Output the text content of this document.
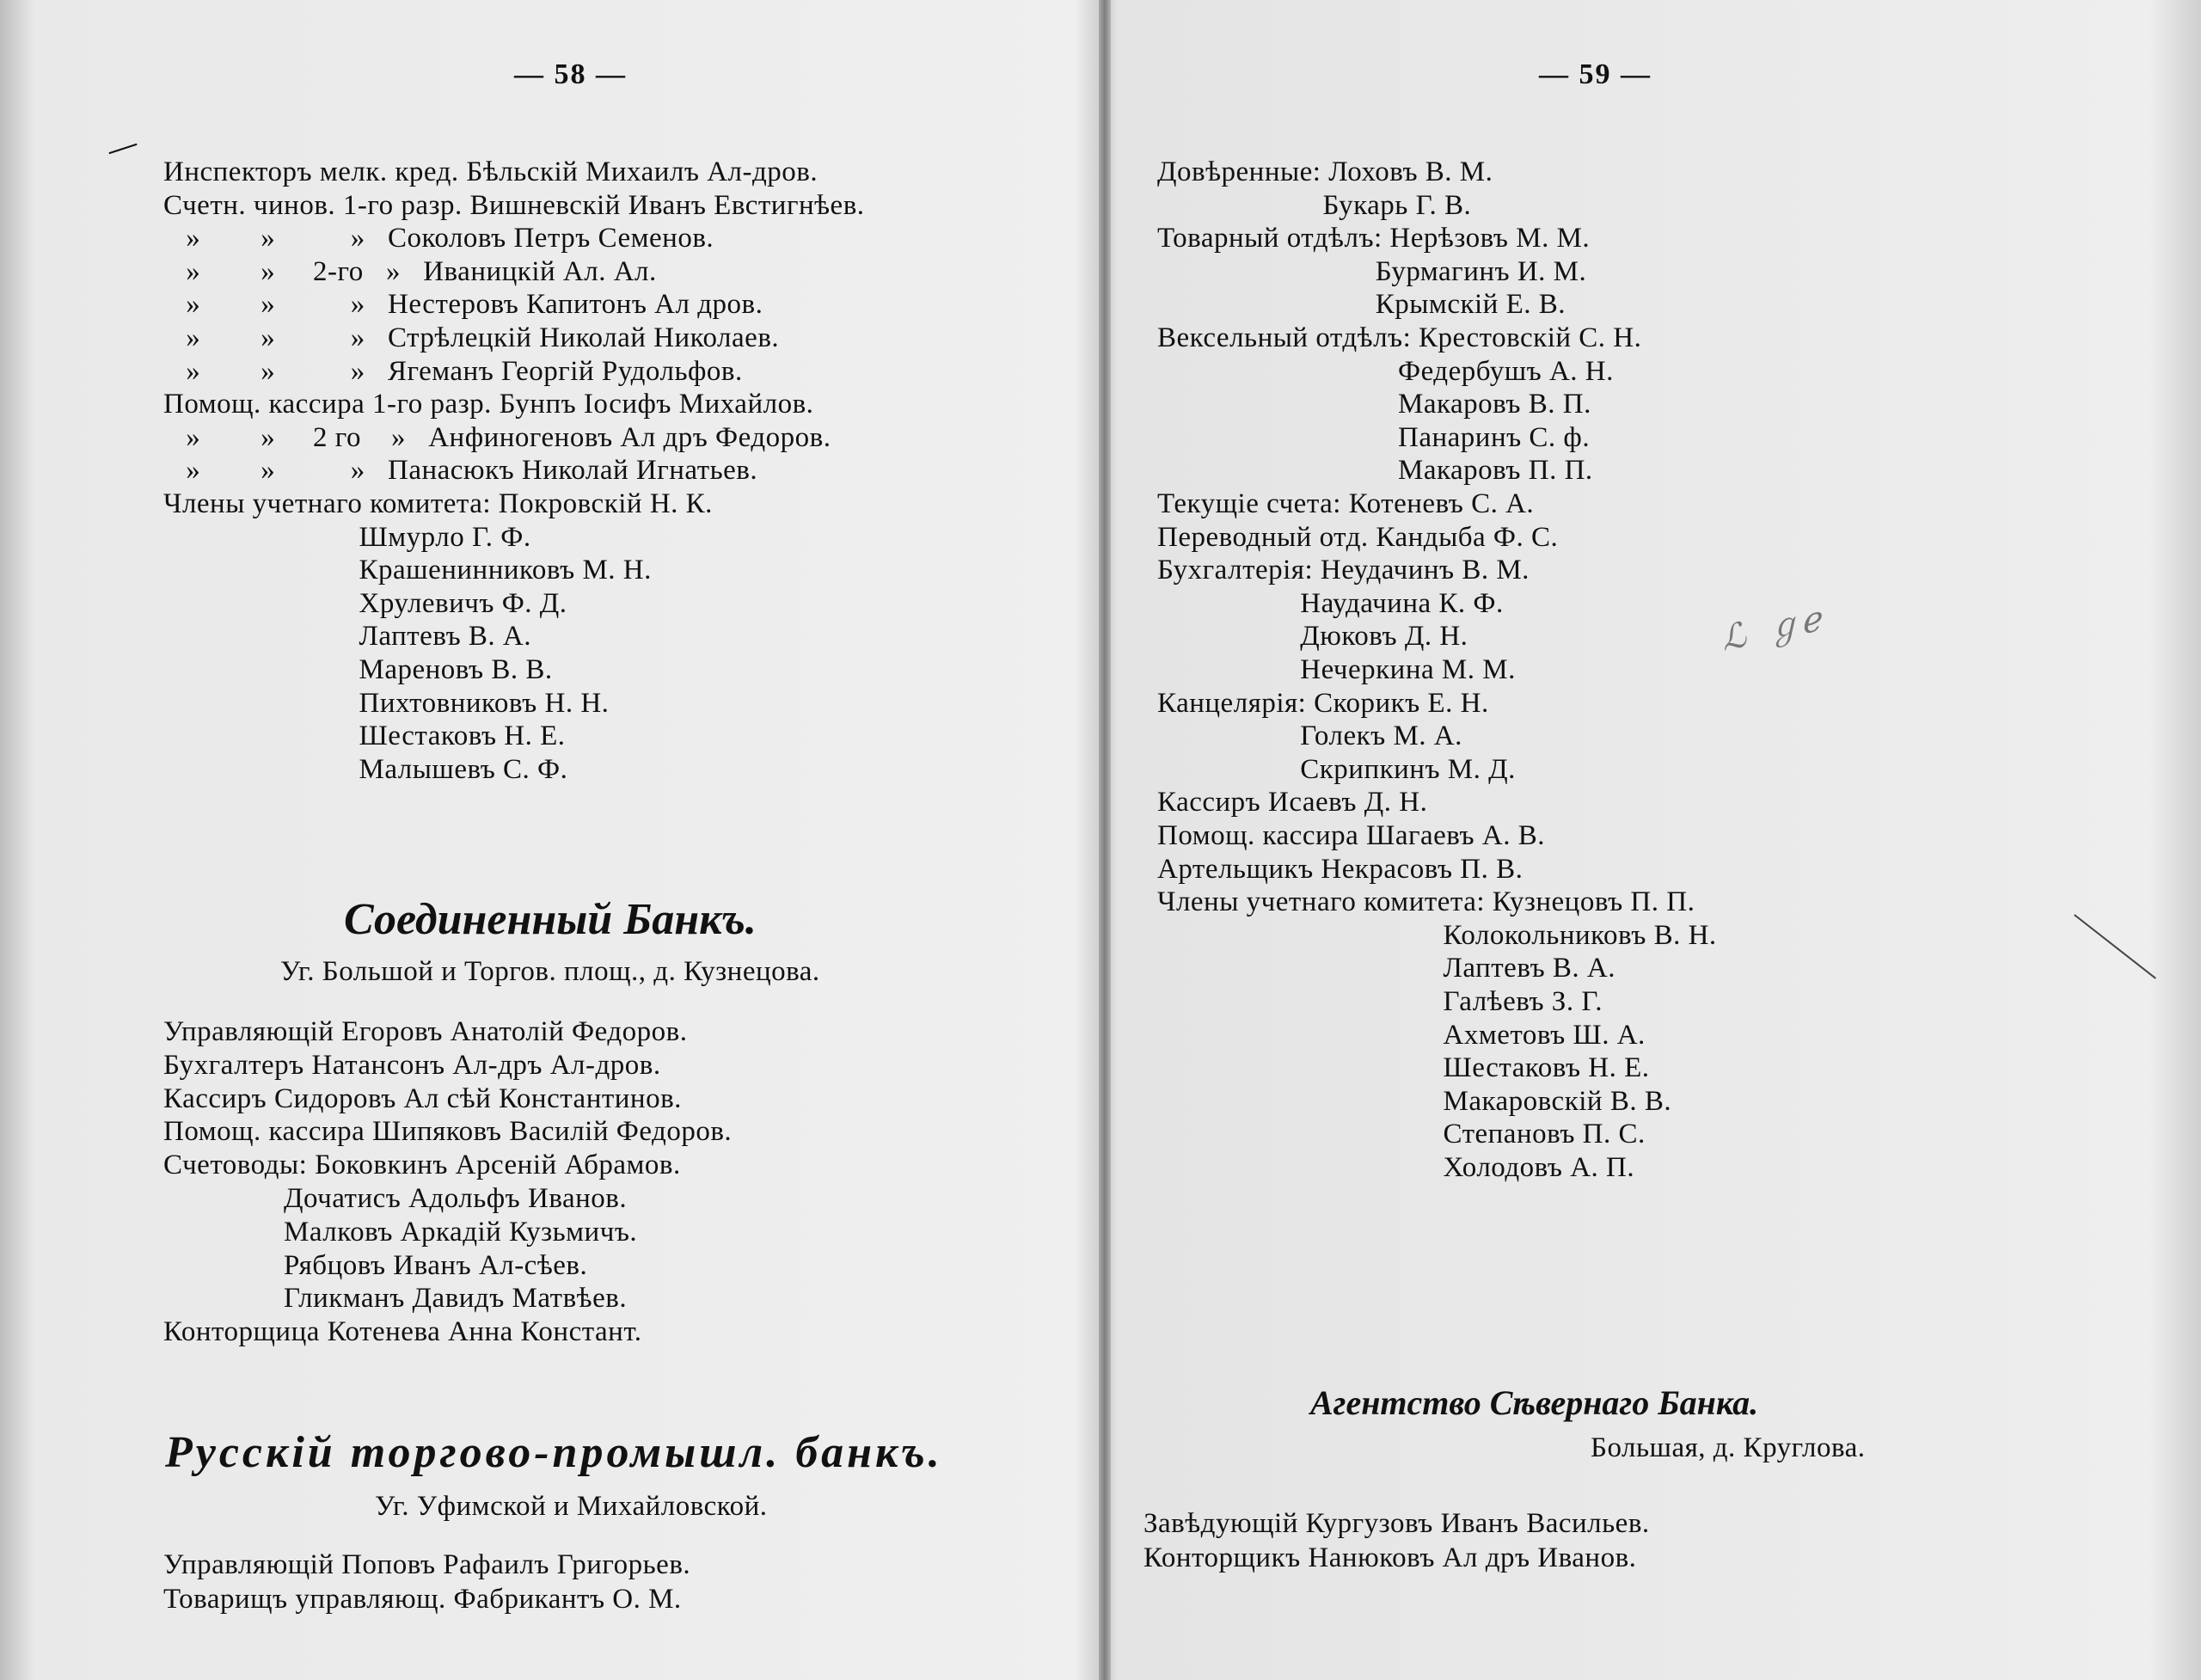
— 58 —
Инспекторъ мелк. кред. Бѣльскій Михаилъ Ал-дров.
Счетн. чинов. 1-го разр. Вишневскій Иванъ Евстигнѣев.
»        »          »   Соколовъ Петръ Семенов.
»        »     2-го   »   Иваницкій Ал. Ал.
»        »          »   Нестеровъ Капитонъ Ал дров.
»        »          »   Стрѣлецкій Николай Николаев.
»        »          »   Ягеманъ Георгій Рудольфов.
Помощ. кассира 1-го разр. Бунпъ Іосифъ Михайлов.
»        »     2 го    »   Анфиногеновъ Ал дръ Федоров.
»        »          »   Панасюкъ Николай Игнатьев.
Члены учетнаго комитета: Покровскій Н. К.
Шмурло Г. Ф.
Крашенинниковъ М. Н.
Хрулевичъ Ф. Д.
Лаптевъ В. А.
Мареновъ В. В.
Пихтовниковъ Н. Н.
Шестаковъ Н. Е.
Малышевъ С. Ф.
Соединенный Банкъ.
Уг. Большой и Торгов. площ., д. Кузнецова.
Управляющій Егоровъ Анатолій Федоров.
Бухгалтеръ Натансонъ Ал-дръ Ал-дров.
Кассиръ Сидоровъ Ал сѣй Константинов.
Помощ. кассира Шипяковъ Василій Федоров.
Счетоводы: Боковкинъ Арсеній Абрамов.
Дочатисъ Адольфъ Иванов.
Малковъ Аркадій Кузьмичъ.
Рябцовъ Иванъ Ал-сѣев.
Гликманъ Давидъ Матвѣев.
Конторщица Котенева Анна Констант.
Русскій торгово-промышл. банкъ.
Уг. Уфимской и Михайловской.
Управляющій Поповъ Рафаилъ Григорьев.
Товарищъ управляющ. Фабрикантъ О. М.
— 59 —
Довѣренные: Лоховъ В. М.
Букарь Г. В.
Товарный отдѣлъ: Нерѣзовъ М. М.
Бурмагинъ И. М.
Крымскій Е. В.
Вексельный отдѣлъ: Крестовскій С. Н.
Федербушъ А. Н.
Макаровъ В. П.
Панаринъ С. ф.
Макаровъ П. П.
Текущіе счета: Котеневъ С. А.
Переводный отд. Кандыба Ф. С.
Бухгалтерія: Неудачинъ В. М.
Наудачина К. Ф.
Дюковъ Д. Н.
Нечеркина М. М.
Канцелярія: Скорикъ Е. Н.
Голекъ М. А.
Скрипкинъ М. Д.
Кассиръ Исаевъ Д. Н.
Помощ. кассира Шагаевъ А. В.
Артельщикъ Некрасовъ П. В.
Члены учетнаго комитета: Кузнецовъ П. П.
Колокольниковъ В. Н.
Лаптевъ В. А.
Галѣевъ З. Г.
Ахметовъ Ш. А.
Шестаковъ Н. Е.
Макаровскій В. В.
Степановъ П. С.
Холодовъ А. П.
Агентство Сѣвернаго Банка.
Большая, д. Круглова.
Завѣдующій Кургузовъ Иванъ Васильев.
Конторщикъ Нанюковъ Ал дръ Иванов.
ℒ  ℊℯ
